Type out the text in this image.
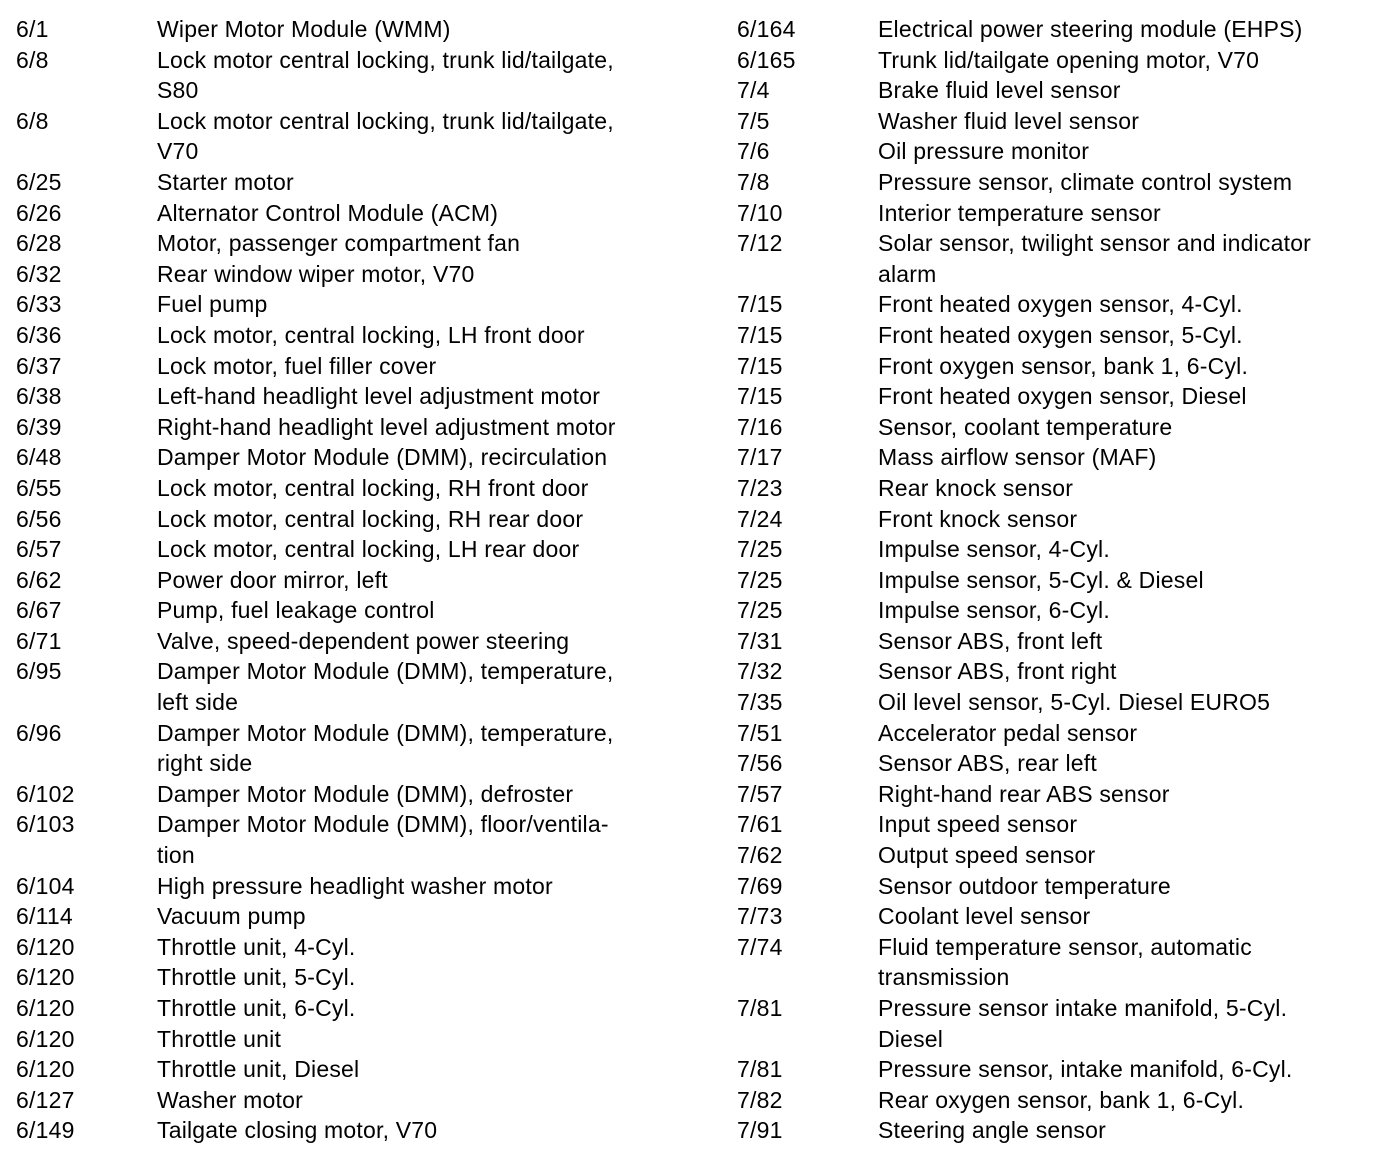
6/1	Wiper Motor Module (WMM)
6/8	Lock motor central locking, trunk lid/tailgate,
S80
6/8	Lock motor central locking, trunk lid/tailgate,
V70
6/25	Starter motor
6/26	Alternator Control Module (ACM)
6/28	Motor, passenger compartment fan
6/32	Rear window wiper motor, V70
6/33	Fuel pump
6/36	Lock motor, central locking, LH front door
6/37	Lock motor, fuel filler cover
6/38	Left-hand headlight level adjustment motor
6/39	Right-hand headlight level adjustment motor
6/48	Damper Motor Module (DMM), recirculation
6/55	Lock motor, central locking, RH front door
6/56	Lock motor, central locking, RH rear door
6/57	Lock motor, central locking, LH rear door
6/62	Power door mirror, left
6/67	Pump, fuel leakage control
6/71	Valve, speed-dependent power steering
6/95	Damper Motor Module (DMM), temperature,
left side
6/96	Damper Motor Module (DMM), temperature,
right side
6/102	Damper Motor Module (DMM), defroster
6/103	Damper Motor Module (DMM), floor/ventila-
tion
6/104	High pressure headlight washer motor
6/114	Vacuum pump
6/120	Throttle unit, 4-Cyl.
6/120	Throttle unit, 5-Cyl.
6/120	Throttle unit, 6-Cyl.
6/120	Throttle unit
6/120	Throttle unit, Diesel
6/127	Washer motor
6/149	Tailgate closing motor, V70
6/164	Electrical power steering module (EHPS)
6/165	Trunk lid/tailgate opening motor, V70
7/4	Brake fluid level sensor
7/5	Washer fluid level sensor
7/6	Oil pressure monitor
7/8	Pressure sensor, climate control system
7/10	Interior temperature sensor
7/12	Solar sensor, twilight sensor and indicator
alarm
7/15	Front heated oxygen sensor, 4-Cyl.
7/15	Front heated oxygen sensor, 5-Cyl.
7/15	Front oxygen sensor, bank 1, 6-Cyl.
7/15	Front heated oxygen sensor, Diesel
7/16	Sensor, coolant temperature
7/17	Mass airflow sensor (MAF)
7/23	Rear knock sensor
7/24	Front knock sensor
7/25	Impulse sensor, 4-Cyl.
7/25	Impulse sensor, 5-Cyl. & Diesel
7/25	Impulse sensor, 6-Cyl.
7/31	Sensor ABS, front left
7/32	Sensor ABS, front right
7/35	Oil level sensor, 5-Cyl. Diesel EURO5
7/51	Accelerator pedal sensor
7/56	Sensor ABS, rear left
7/57	Right-hand rear ABS sensor
7/61	Input speed sensor
7/62	Output speed sensor
7/69	Sensor outdoor temperature
7/73	Coolant level sensor
7/74	Fluid temperature sensor, automatic
transmission
7/81	Pressure sensor intake manifold, 5-Cyl.
Diesel
7/81	Pressure sensor, intake manifold, 6-Cyl.
7/82	Rear oxygen sensor, bank 1, 6-Cyl.
7/91	Steering angle sensor
